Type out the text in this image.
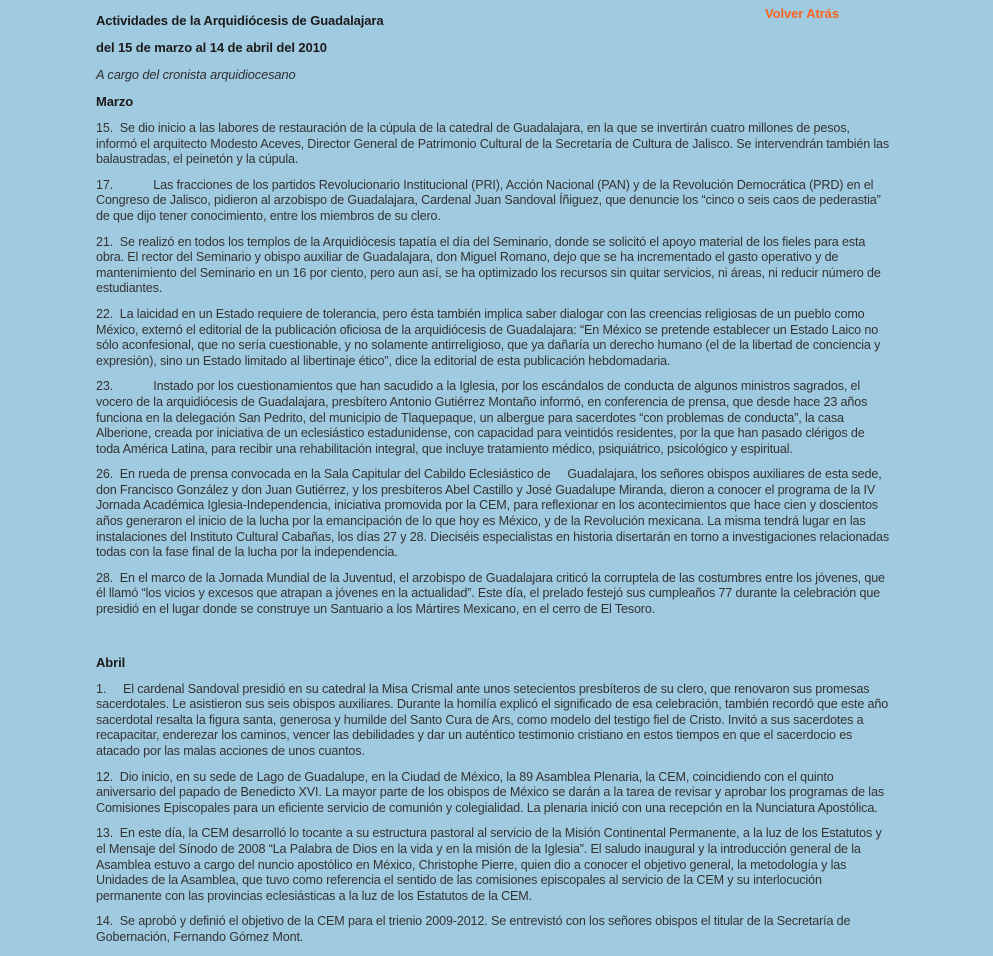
Volver Atrás

Actividades de la Arquidiócesis de Guadalajara

del 15 de marzo al 14 de abril del 2010

A cargo del cronista arquidiocesano

Marzo

15.  Se dio inicio a las labores de restauración de la cúpula de la catedral de Guadalajara, en la que se invertirán cuatro millones de pesos, informó el arquitecto Modesto Aceves, Director General de Patrimonio Cultural de la Secretaría de Cultura de Jalisco. Se intervendrán también las balaustradas, el peinetón y la cúpula.

17.            Las fracciones de los partidos Revolucionario Institucional (PRI), Acción Nacional (PAN) y de la Revolución Democrática (PRD) en el Congreso de Jalisco, pidieron al arzobispo de Guadalajara, Cardenal Juan Sandoval Íñiguez, que denuncie los “cinco o seis caos de pederastia” de que dijo tener conocimiento, entre los miembros de su clero.

21.  Se realizó en todos los templos de la Arquidiócesis tapatía el día del Seminario, donde se solicitó el apoyo material de los fieles para esta obra. El rector del Seminario y obispo auxiliar de Guadalajara, don Miguel Romano, dejo que se ha incrementado el gasto operativo y de mantenimiento del Seminario en un 16 por ciento, pero aun así, se ha optimizado los recursos sin quitar servicios, ni áreas, ni reducir número de estudiantes.

22.  La laicidad en un Estado requiere de tolerancia, pero ésta también implica saber dialogar con las creencias religiosas de un pueblo como México, externó el editorial de la publicación oficiosa de la arquidiócesis de Guadalajara: “En México se pretende establecer un Estado Laico no sólo aconfesional, que no sería cuestionable, y no solamente antirreligioso, que ya dañaría un derecho humano (el de la libertad de conciencia y expresión), sino un Estado limitado al libertinaje ético”, dice la editorial de esta publicación hebdomadaria.

23.            Instado por los cuestionamientos que han sacudido a la Iglesia, por los escándalos de conducta de algunos ministros sagrados, el vocero de la arquidiócesis de Guadalajara, presbítero Antonio Gutiérrez Montaño informó, en conferencia de prensa, que desde hace 23 años funciona en la delegación San Pedrito, del municipio de Tlaquepaque, un albergue para sacerdotes “con problemas de conducta”, la casa Alberione, creada por iniciativa de un eclesiástico estadunidense, con capacidad para veintidós residentes, por la que han pasado clérigos de toda América Latina, para recibir una rehabilitación integral, que incluye tratamiento médico, psiquiátrico, psicológico y espiritual.

26.  En rueda de prensa convocada en la Sala Capitular del Cabildo Eclesiástico de     Guadalajara, los señores obispos auxiliares de esta sede, don Francisco González y don Juan Gutiérrez, y los presbíteros Abel Castillo y José Guadalupe Miranda, dieron a conocer el programa de la IV Jornada Académica Iglesia-Independencia, iniciativa promovida por la CEM, para reflexionar en los acontecimientos que hace cien y doscientos años generaron el inicio de la lucha por la emancipación de lo que hoy es México, y de la Revolución mexicana. La misma tendrá lugar en las instalaciones del Instituto Cultural Cabañas, los días 27 y 28. Dieciséis especialistas en historia disertarán en torno a investigaciones relacionadas todas con la fase final de la lucha por la independencia.

28.  En el marco de la Jornada Mundial de la Juventud, el arzobispo de Guadalajara criticó la corruptela de las costumbres entre los jóvenes, que él llamó “los vicios y excesos que atrapan a jóvenes en la actualidad”. Este día, el prelado festejó sus cumpleaños 77 durante la celebración que presidió en el lugar donde se construye un Santuario a los Mártires Mexicano, en el cerro de El Tesoro.

Abril

1.     El cardenal Sandoval presidió en su catedral la Misa Crismal ante unos setecientos presbíteros de su clero, que renovaron sus promesas sacerdotales. Le asistieron sus seis obispos auxiliares. Durante la homilía explicó el significado de esa celebración, también recordó que este año sacerdotal resalta la figura santa, generosa y humilde del Santo Cura de Ars, como modelo del testigo fiel de Cristo. Invitó a sus sacerdotes a recapacitar, enderezar los caminos, vencer las debilidades y dar un auténtico testimonio cristiano en estos tiempos en que el sacerdocio es atacado por las malas acciones de unos cuantos.

12.  Dio inicio, en su sede de Lago de Guadalupe, en la Ciudad de México, la 89 Asamblea Plenaria, la CEM, coincidiendo con el quinto aniversario del papado de Benedicto XVI. La mayor parte de los obispos de México se darán a la tarea de revisar y aprobar los programas de las Comisiones Episcopales para un eficiente servicio de comunión y colegialidad. La plenaria inició con una recepción en la Nunciatura Apostólica.

13.  En este día, la CEM desarrolló lo tocante a su estructura pastoral al servicio de la Misión Continental Permanente, a la luz de los Estatutos y el Mensaje del Sínodo de 2008 “La Palabra de Dios en la vida y en la misión de la Iglesia”. El saludo inaugural y la introducción general de la Asamblea estuvo a cargo del nuncio apostólico en México, Christophe Pierre, quien dio a conocer el objetivo general, la metodología y las Unidades de la Asamblea, que tuvo como referencia el sentido de las comisiones episcopales al servicio de la CEM y su interlocución permanente con las provincias eclesiásticas a la luz de los Estatutos de la CEM.

14.  Se aprobó y definió el objetivo de la CEM para el trienio 2009-2012. Se entrevistó con los señores obispos el titular de la Secretaría de Gobernación, Fernando Gómez Mont.
